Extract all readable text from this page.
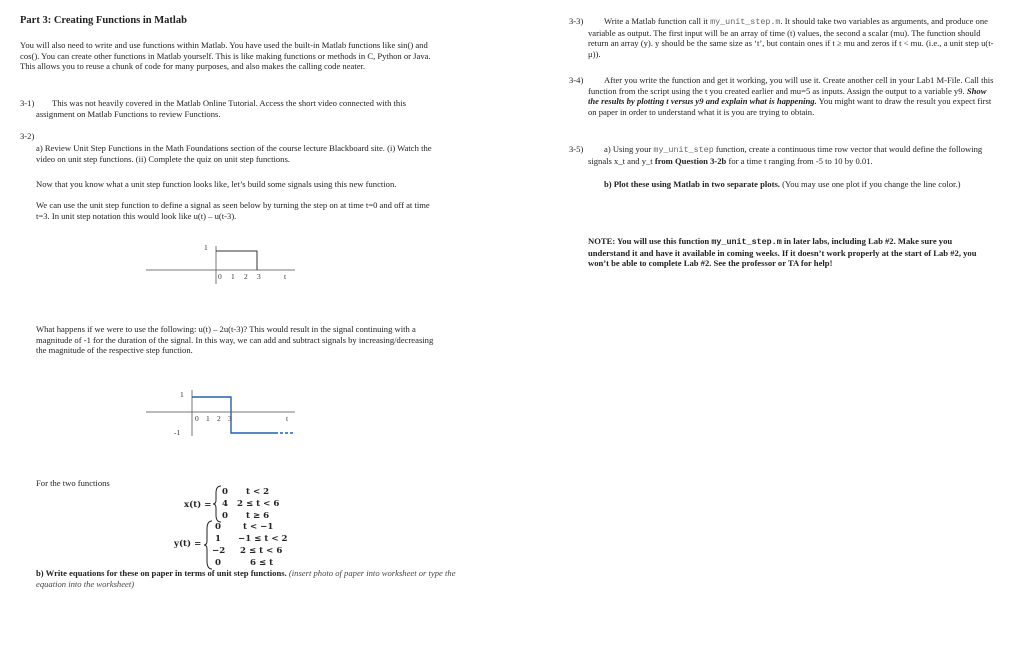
Part 3: Creating Functions in Matlab

You will also need to write and use functions within Matlab. You have used the built-in Matlab functions like sin() and cos(). You can create other functions in Matlab yourself. This is like making functions or methods in C, Python or Java. This allows you to reuse a chunk of code for many purposes, and also makes the calling code neater.

3-1)	This was not heavily covered in the Matlab Online Tutorial. Access the short video connected with this assignment on Matlab Functions to review Functions.

3-2)

a) Review Unit Step Functions in the Math Foundations section of the course lecture Blackboard site. (i) Watch the video on unit step functions. (ii) Complete the quiz on unit step functions.

Now that you know what a unit step function looks like, let’s build some signals using this new function.

We can use the unit step function to define a signal as seen below by turning the step on at time t=0 and off at time t=3. In unit step notation this would look like u(t) – u(t-3).

1
0 1 2 3	t

What happens if we were to use the following: u(t) – 2u(t-3)? This would result in the signal continuing with a magnitude of -1 for the duration of the signal. In this way, we can add and subtract signals by increasing/decreasing the magnitude of the respective step function.

1
-1
0 1 2 3	t

For the two functions

x(t) =
0 t < 2
4 2 ≤ t < 6
0 t ≥ 6
y(t) =
0	t < −1
1 −1 ≤ t < 2
−2 2 ≤ t < 6
0	6 ≤ t

b) Write equations for these on paper in terms of unit step functions. (insert photo of paper into worksheet or type the equation into the worksheet)

3-3)	Write a Matlab function call it my_unit_step.m. It should take two variables as arguments, and produce one variable as output. The first input will be an array of time (t) values, the second a scalar (mu). The function should return an array (y). y should be the same size as ‘t’, but contain ones if t ≥ mu and zeros if t < mu. (i.e., a unit step u(t- μ)).

3-4)	After you write the function and get it working, you will use it. Create another cell in your Lab1 M-File. Call this function from the script using the t you created earlier and mu=5 as inputs. Assign the output to a variable y9. Show the results by plotting t versus y9 and explain what is happening. You might want to draw the result you expect first on paper in order to understand what it is you are trying to obtain.

3-5)	a) Using your my_unit_step function, create a continuous time row vector that would define the following signals x_t and y_t from Question 3-2b for a time t ranging from -5 to 10 by 0.01.

b) Plot these using Matlab in two separate plots. (You may use one plot if you change the line color.)

NOTE: You will use this function my_unit_step.m in later labs, including Lab #2. Make sure you understand it and have it available in coming weeks. If it doesn’t work properly at the start of Lab #2, you won’t be able to complete Lab #2. See the professor or TA for help!
